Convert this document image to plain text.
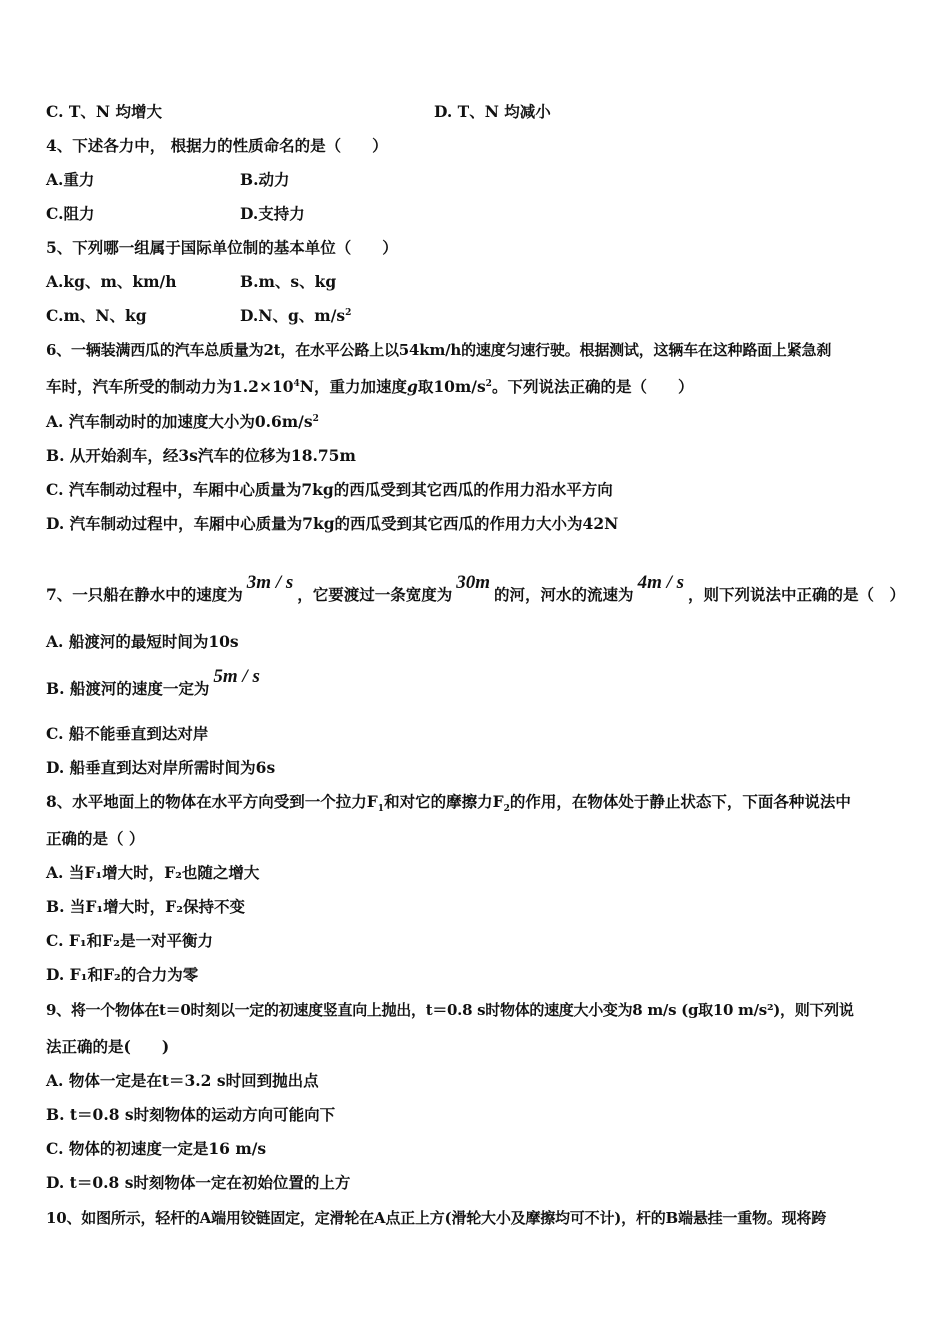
C. T、N 均增大	D. T、N 均减小
4、下述各力中， 根据力的性质命名的是（　　）
A.重力	B.动力
C.阻力	D.支持力
5、下列哪一组属于国际单位制的基本单位（　　）
A.kg、m、km/h	B.m、s、kg
C.m、N、kg	D.N、g、$m/s^2$
6、一辆装满西瓜的汽车总质量为2t，在水平公路上以54km/h的速度匀速行驶。根据测试，这辆车在这种路面上紧急刹
车时，汽车所受的制动力为$1.2\times 10^4N$，重力加速度g取$10m/s^2$。下列说法正确的是（　　）
A. 汽车制动时的加速度大小为$0.6m/s^2$
B. 从开始刹车，经3s汽车的位移为18.75m
C. 汽车制动过程中，车厢中心质量为7kg的西瓜受到其它西瓜的作用力沿水平方向
D. 汽车制动过程中，车厢中心质量为7kg的西瓜受到其它西瓜的作用力大小为42N
7、一只船在静水中的速度为3m / s，它要渡过一条宽度为30m的河，河水的流速为4m / s，则下列说法中正确的是（　）
A. 船渡河的最短时间为10s
B. 船渡河的速度一定为5m / s
C. 船不能垂直到达对岸
D. 船垂直到达对岸所需时间为6s
8、水平地面上的物体在水平方向受到一个拉力$F_1$和对它的摩擦力$F_2$的作用，在物体处于静止状态下，下面各种说法中
正确的是（ ）
A. 当F₁增大时，F₂也随之增大
B. 当F₁增大时，F₂保持不变
C. F₁和F₂是一对平衡力
D. F₁和F₂的合力为零
9、将一个物体在t＝0时刻以一定的初速度竖直向上抛出，t＝0.8 s时物体的速度大小变为8 m/s (g取10 m/s²)，则下列说
法正确的是(　　)
A. 物体一定是在t＝3.2 s时回到抛出点
B. t＝0.8 s时刻物体的运动方向可能向下
C. 物体的初速度一定是16 m/s
D. t＝0.8 s时刻物体一定在初始位置的上方
10、如图所示，轻杆的A端用铰链固定，定滑轮在A点正上方(滑轮大小及摩擦均可不计)，杆的B端悬挂一重物。现将跨
